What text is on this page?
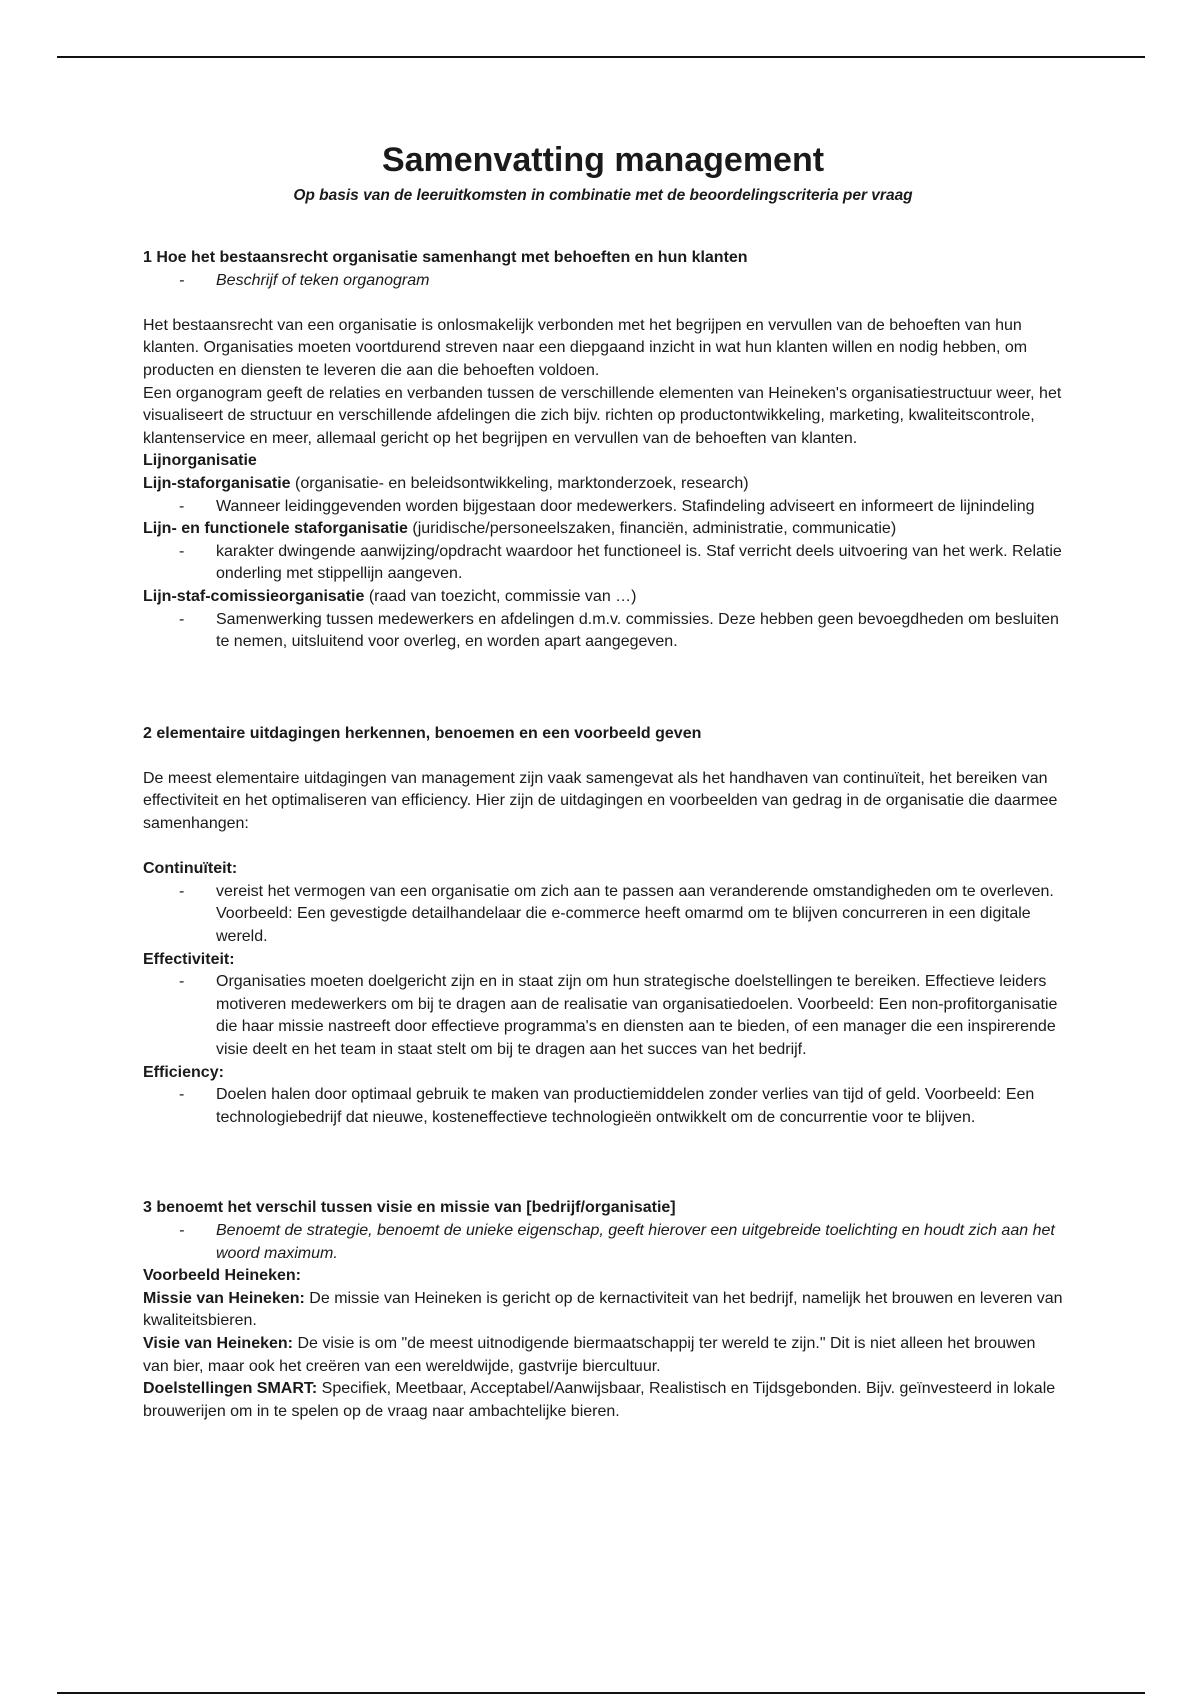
Samenvatting management

Op basis van de leeruitkomsten in combinatie met de beoordelingscriteria per vraag

1 Hoe het bestaansrecht organisatie samenhangt met behoeften en hun klanten

- Beschrijf of teken organogram

Het bestaansrecht van een organisatie is onlosmakelijk verbonden met het begrijpen en vervullen van de behoeften van hun klanten. Organisaties moeten voortdurend streven naar een diepgaand inzicht in wat hun klanten willen en nodig hebben, om producten en diensten te leveren die aan die behoeften voldoen.

Een organogram geeft de relaties en verbanden tussen de verschillende elementen van Heineken's organisatiestructuur weer, het visualiseert de structuur en verschillende afdelingen die zich bijv. richten op productontwikkeling, marketing, kwaliteitscontrole, klantenservice en meer, allemaal gericht op het begrijpen en vervullen van de behoeften van klanten.

Lijnorganisatie

Lijn-staforganisatie (organisatie- en beleidsontwikkeling, marktonderzoek, research)

- Wanneer leidinggevenden worden bijgestaan door medewerkers. Stafindeling adviseert en informeert de lijnindeling

Lijn- en functionele staforganisatie (juridische/personeelszaken, financiën, administratie, communicatie)

- karakter dwingende aanwijzing/opdracht waardoor het functioneel is. Staf verricht deels uitvoering van het werk. Relatie onderling met stippellijn aangeven.

Lijn-staf-comissieorganisatie (raad van toezicht, commissie van …)

- Samenwerking tussen medewerkers en afdelingen d.m.v. commissies. Deze hebben geen bevoegdheden om besluiten te nemen, uitsluitend voor overleg, en worden apart aangegeven.

2 elementaire uitdagingen herkennen, benoemen en een voorbeeld geven

De meest elementaire uitdagingen van management zijn vaak samengevat als het handhaven van continuïteit, het bereiken van effectiviteit en het optimaliseren van efficiency. Hier zijn de uitdagingen en voorbeelden van gedrag in de organisatie die daarmee samenhangen:

Continuïteit:

- vereist het vermogen van een organisatie om zich aan te passen aan veranderende omstandigheden om te overleven. Voorbeeld: Een gevestigde detailhandelaar die e-commerce heeft omarmd om te blijven concurreren in een digitale wereld.

Effectiviteit:

- Organisaties moeten doelgericht zijn en in staat zijn om hun strategische doelstellingen te bereiken. Effectieve leiders motiveren medewerkers om bij te dragen aan de realisatie van organisatiedoelen. Voorbeeld: Een non-profitorganisatie die haar missie nastreeft door effectieve programma's en diensten aan te bieden, of een manager die een inspirerende visie deelt en het team in staat stelt om bij te dragen aan het succes van het bedrijf.

Efficiency:

- Doelen halen door optimaal gebruik te maken van productiemiddelen zonder verlies van tijd of geld. Voorbeeld: Een technologiebedrijf dat nieuwe, kosteneffectieve technologieën ontwikkelt om de concurrentie voor te blijven.

3 benoemt het verschil tussen visie en missie van [bedrijf/organisatie]

- Benoemt de strategie, benoemt de unieke eigenschap, geeft hierover een uitgebreide toelichting en houdt zich aan het woord maximum.

Voorbeeld Heineken:

Missie van Heineken: De missie van Heineken is gericht op de kernactiviteit van het bedrijf, namelijk het brouwen en leveren van kwaliteitsbieren.

Visie van Heineken: De visie is om "de meest uitnodigende biermaatschappij ter wereld te zijn." Dit is niet alleen het brouwen van bier, maar ook het creëren van een wereldwijde, gastvrije biercultuur.

Doelstellingen SMART: Specifiek, Meetbaar, Acceptabel/Aanwijsbaar, Realistisch en Tijdsgebonden. Bijv. geïnvesteerd in lokale brouwerijen om in te spelen op de vraag naar ambachtelijke bieren.
